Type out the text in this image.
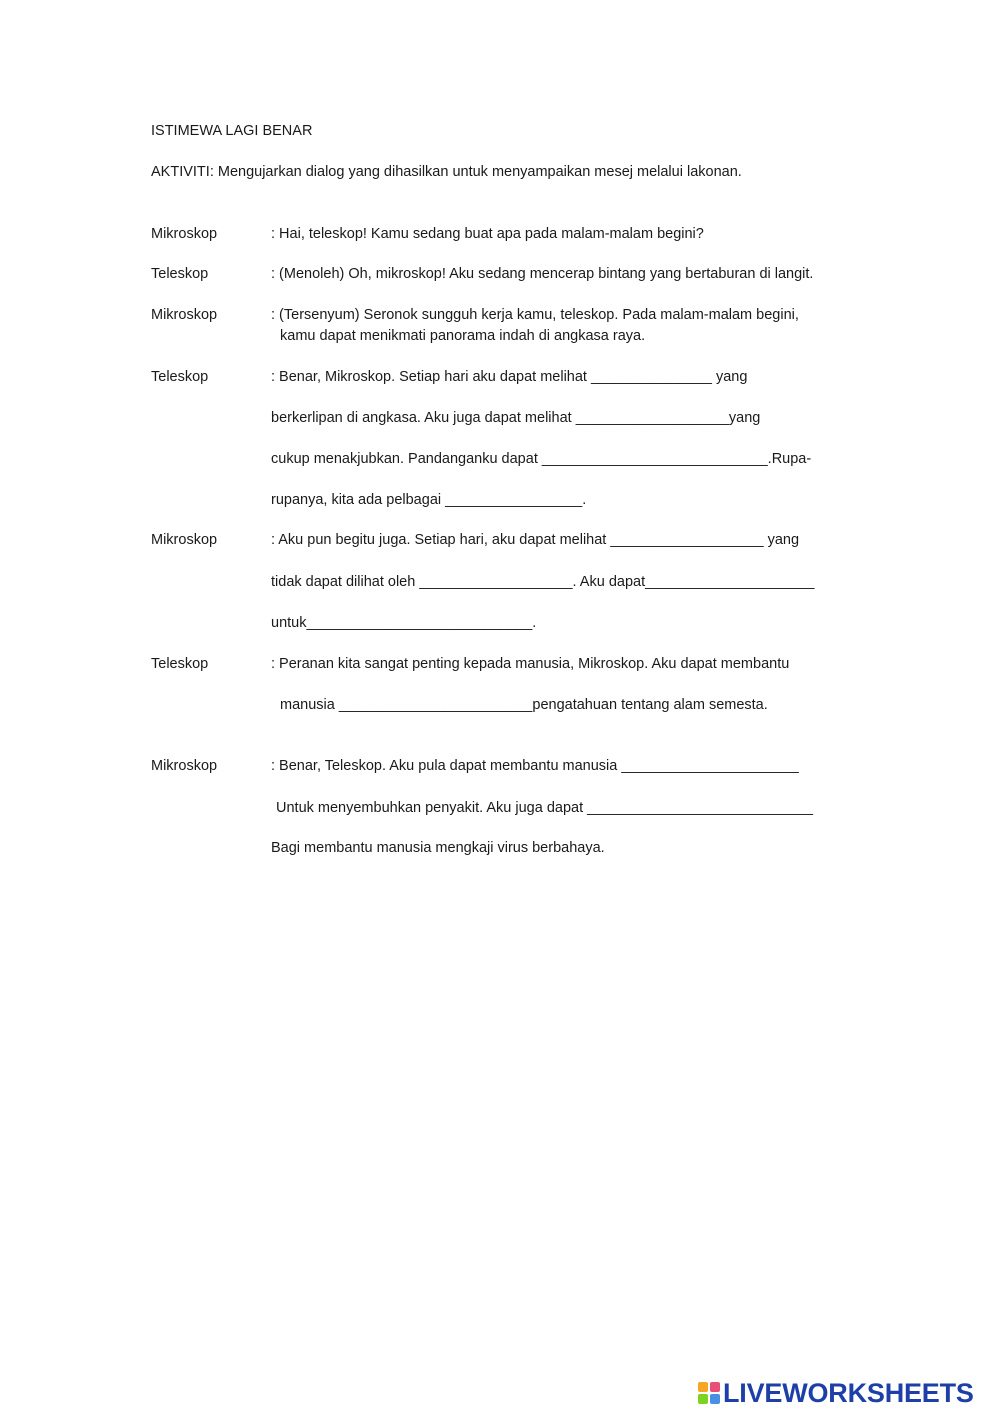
ISTIMEWA LAGI BENAR
AKTIVITI: Mengujarkan dialog yang dihasilkan untuk menyampaikan mesej melalui lakonan.
Mikroskop	: Hai, teleskop! Kamu sedang buat apa pada malam-malam begini?
Teleskop	: (Menoleh) Oh, mikroskop! Aku sedang mencerap bintang yang bertaburan di langit.
Mikroskop	: (Tersenyum) Seronok sungguh kerja kamu, teleskop. Pada malam-malam begini,
kamu dapat menikmati panorama indah di angkasa raya.
Teleskop	: Benar, Mikroskop. Setiap hari aku dapat melihat _______________ yang
berkerlipan di angkasa. Aku juga dapat melihat ___________________yang
cukup menakjubkan. Pandanganku dapat ____________________________.Rupa-
rupanya, kita ada pelbagai _________________.
Mikroskop	: Aku pun begitu juga. Setiap hari, aku dapat melihat ___________________ yang
tidak dapat dilihat oleh ___________________. Aku dapat_____________________
untuk____________________________.
Teleskop	: Peranan kita sangat penting kepada manusia, Mikroskop. Aku dapat membantu
manusia ________________________pengatahuan tentang alam semesta.
Mikroskop	: Benar, Teleskop. Aku pula dapat membantu manusia ______________________
Untuk menyembuhkan penyakit. Aku juga dapat ____________________________
Bagi membantu manusia mengkaji virus berbahaya.
LIVEWORKSHEETS
